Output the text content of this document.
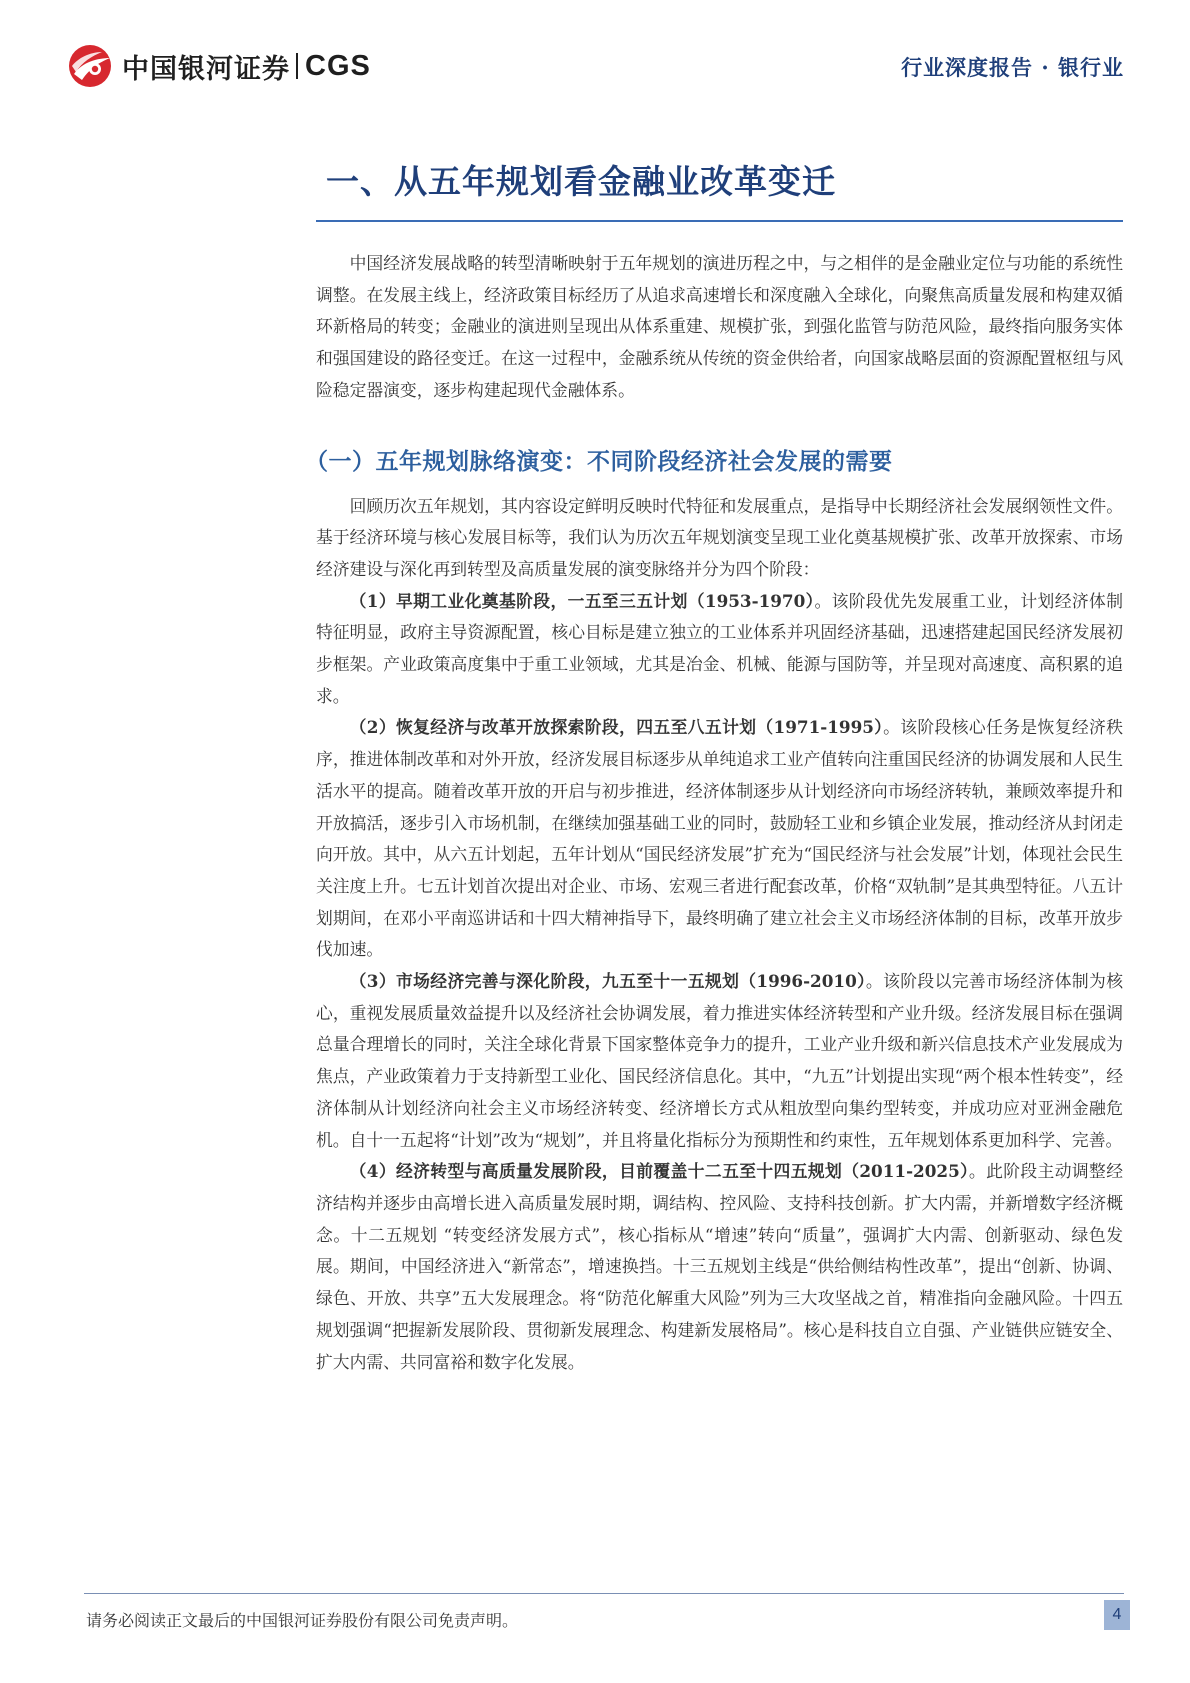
中国银河证券 CGS	行业深度报告 · 银行业
一、从五年规划看金融业改革变迁

中国经济发展战略的转型清晰映射于五年规划的演进历程之中，与之相伴的是金融业定位与功能的系统性调整。在发展主线上，经济政策目标经历了从追求高速增长和深度融入全球化，向聚焦高质量发展和构建双循环新格局的转变；金融业的演进则呈现出从体系重建、规模扩张，到强化监管与防范风险，最终指向服务实体和强国建设的路径变迁。在这一过程中，金融系统从传统的资金供给者，向国家战略层面的资源配置枢纽与风险稳定器演变，逐步构建起现代金融体系。

（一）五年规划脉络演变：不同阶段经济社会发展的需要

回顾历次五年规划，其内容设定鲜明反映时代特征和发展重点，是指导中长期经济社会发展纲领性文件。基于经济环境与核心发展目标等，我们认为历次五年规划演变呈现工业化奠基规模扩张、改革开放探索、市场经济建设与深化再到转型及高质量发展的演变脉络并分为四个阶段：

（1）早期工业化奠基阶段，一五至三五计划（1953-1970）。该阶段优先发展重工业，计划经济体制特征明显，政府主导资源配置，核心目标是建立独立的工业体系并巩固经济基础，迅速搭建起国民经济发展初步框架。产业政策高度集中于重工业领域，尤其是冶金、机械、能源与国防等，并呈现对高速度、高积累的追求。

（2）恢复经济与改革开放探索阶段，四五至八五计划（1971-1995）。该阶段核心任务是恢复经济秩序，推进体制改革和对外开放，经济发展目标逐步从单纯追求工业产值转向注重国民经济的协调发展和人民生活水平的提高。随着改革开放的开启与初步推进，经济体制逐步从计划经济向市场经济转轨，兼顾效率提升和开放搞活，逐步引入市场机制，在继续加强基础工业的同时，鼓励轻工业和乡镇企业发展，推动经济从封闭走向开放。其中，从六五计划起，五年计划从“国民经济发展”扩充为“国民经济与社会发展”计划，体现社会民生关注度上升。七五计划首次提出对企业、市场、宏观三者进行配套改革，价格“双轨制”是其典型特征。八五计划期间，在邓小平南巡讲话和十四大精神指导下，最终明确了建立社会主义市场经济体制的目标，改革开放步伐加速。

（3）市场经济完善与深化阶段，九五至十一五规划（1996-2010）。该阶段以完善市场经济体制为核心，重视发展质量效益提升以及经济社会协调发展，着力推进实体经济转型和产业升级。经济发展目标在强调总量合理增长的同时，关注全球化背景下国家整体竞争力的提升，工业产业升级和新兴信息技术产业发展成为焦点，产业政策着力于支持新型工业化、国民经济信息化。其中，“九五”计划提出实现“两个根本性转变”，经济体制从计划经济向社会主义市场经济转变、经济增长方式从粗放型向集约型转变，并成功应对亚洲金融危机。自十一五起将“计划”改为“规划”，并且将量化指标分为预期性和约束性，五年规划体系更加科学、完善。

（4）经济转型与高质量发展阶段，目前覆盖十二五至十四五规划（2011-2025）。此阶段主动调整经济结构并逐步由高增长进入高质量发展时期，调结构、控风险、支持科技创新。扩大内需，并新增数字经济概念。十二五规划 “转变经济发展方式”，核心指标从“增速”转向“质量”，强调扩大内需、创新驱动、绿色发展。期间，中国经济进入“新常态”，增速换挡。十三五规划主线是“供给侧结构性改革”，提出“创新、协调、绿色、开放、共享”五大发展理念。将“防范化解重大风险”列为三大攻坚战之首，精准指向金融风险。十四五规划强调“把握新发展阶段、贯彻新发展理念、构建新发展格局”。核心是科技自立自强、产业链供应链安全、扩大内需、共同富裕和数字化发展。

请务必阅读正文最后的中国银河证券股份有限公司免责声明。	4
